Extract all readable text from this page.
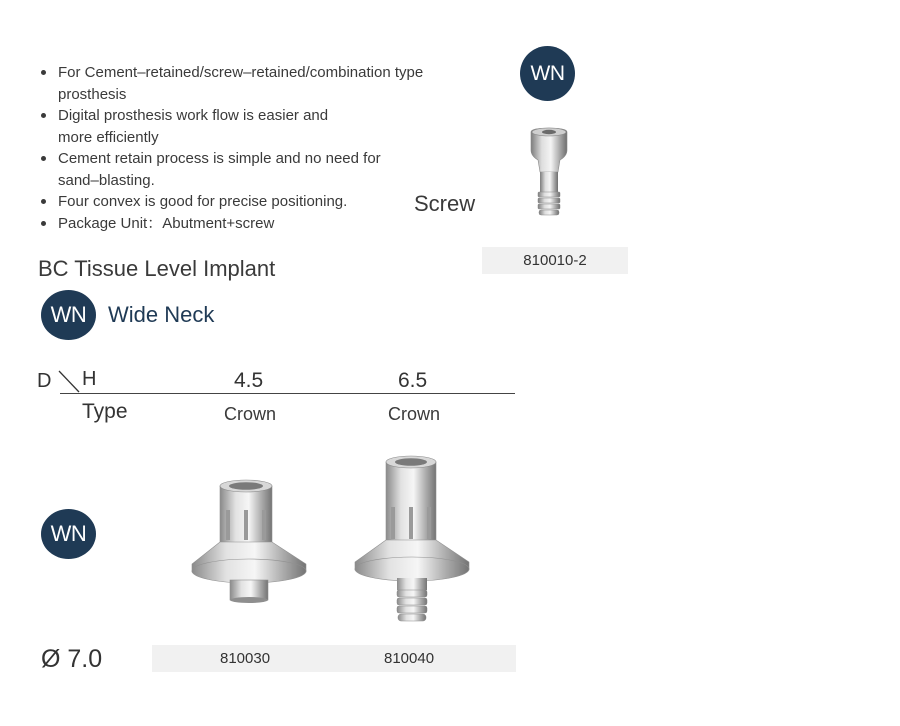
For Cement–retained/screw–retained/combination type prosthesis
Digital prosthesis work flow is easier and more efficiently
Cement retain process is simple and no need for sand–blasting.
Four convex is good for precise positioning.
Package Unit：Abutment+screw
WN
Screw
810010-2
BC Tissue Level Implant
WN Wide Neck
D H	4.5	6.5
Type	Crown	Crown
WN
Ø 7.0	810030	810040
